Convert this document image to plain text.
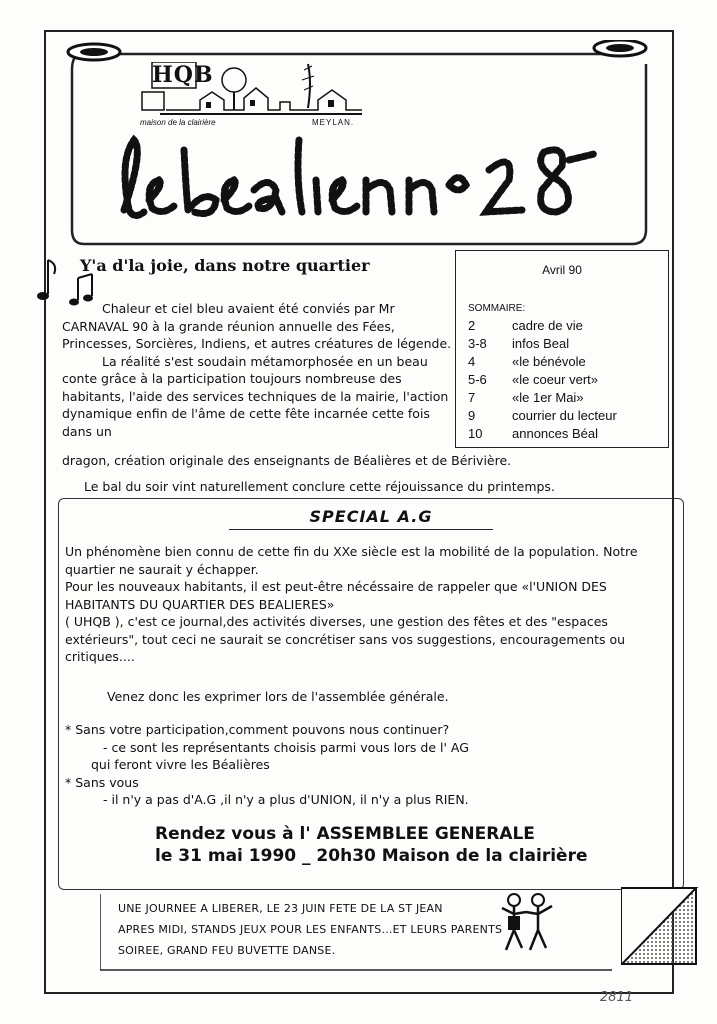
HQB
maison de la clairière	MEYLAN.
Y'a d'la joie, dans notre quartier

Chaleur et ciel bleu avaient été conviés par Mr CARNAVAL 90 à la grande réunion annuelle des Fées, Princesses, Sorcières, Indiens, et autres créatures de légende.

La réalité s'est soudain métamorphosée en un beau conte grâce à la participation toujours nombreuse des habitants, l'aide des services techniques de la mairie, l'action dynamique enfin de l'âme de cette fête incarnée cette fois dans un

dragon, création originale des enseignants de Béalières et de Bérivière.

Le bal du soir vint naturellement conclure cette réjouissance du printemps.

Avril 90
SOMMAIRE:
2	cadre de vie
3-8	infos Beal
4	«le bénévole
5-6	«le coeur vert»
7	«le 1er Mai»
9	courrier du lecteur
10	annonces Béal
SPECIAL A.G

Un phénomène bien connu de cette fin du XXe siècle est la mobilité de la population. Notre quartier ne saurait y échapper.

Pour les nouveaux habitants, il est peut-être nécéssaire de rappeler que «l'UNION DES HABITANTS DU QUARTIER DES BEALIERES»

( UHQB ), c'est ce journal,des activités diverses, une gestion des fêtes et des "espaces extérieurs", tout ceci ne saurait se concrétiser sans vos suggestions, encouragements ou critiques....

Venez donc les exprimer lors de l'assemblée générale.

* Sans votre participation,comment pouvons nous continuer?

- ce sont les représentants choisis parmi vous lors de l' AG

qui feront vivre les Béalières

* Sans vous

- il n'y a pas d'A.G ,il n'y a plus d'UNION, il n'y a plus RIEN.

Rendez vous à l' ASSEMBLEE GENERALE

le 31 mai 1990 _ 20h30 Maison de la clairière

UNE JOURNEE A LIBERER, LE 23 JUIN FETE DE LA ST JEAN

APRES MIDI, STANDS JEUX POUR LES ENFANTS...ET LEURS PARENTS

SOIREE, GRAND FEU BUVETTE DANSE.

2811
